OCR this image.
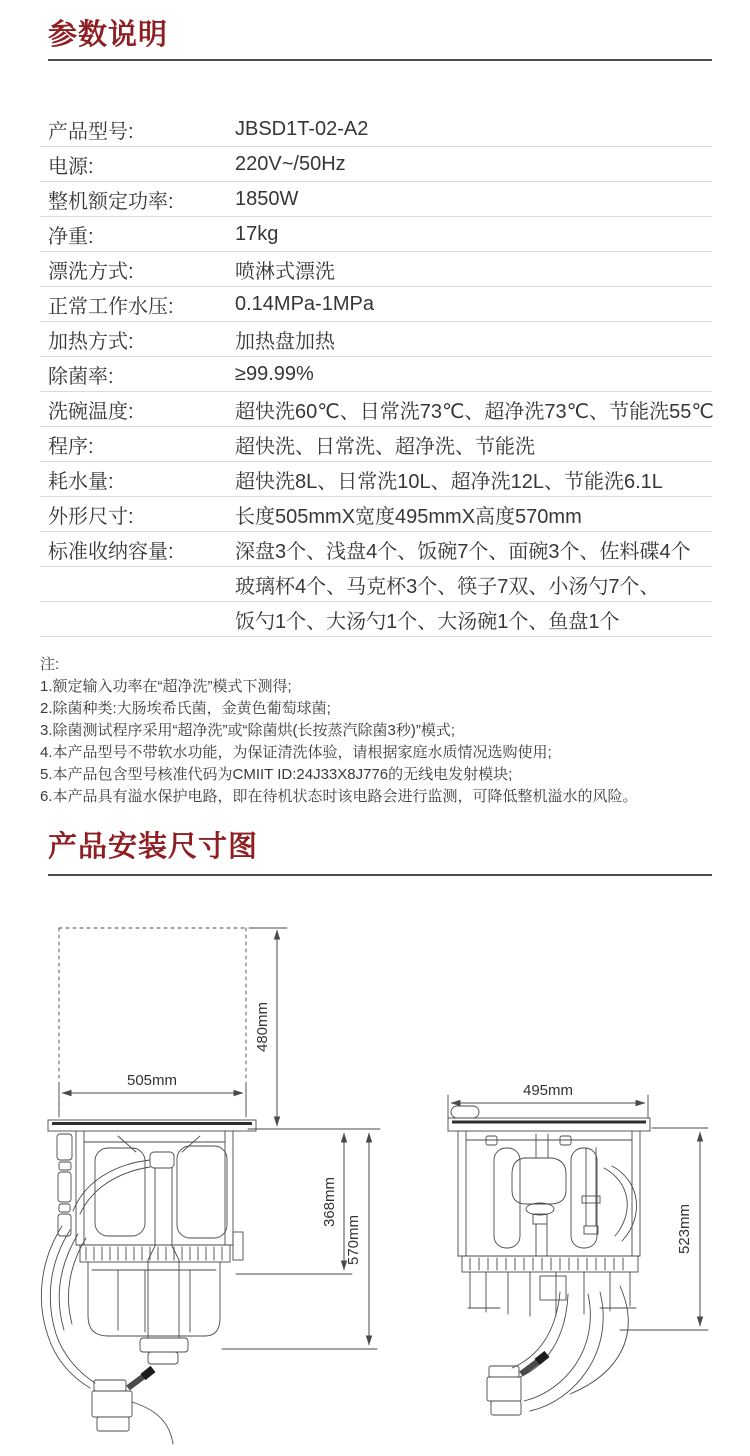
参数说明
产品型号:	JBSD1T-02-A2
电源:	220V~/50Hz
整机额定功率:	1850W
净重:	17kg
漂洗方式:	喷淋式漂洗
正常工作水压:	0.14MPa-1MPa
加热方式:	加热盘加热
除菌率:	≥99.99%
洗碗温度:	超快洗60℃、日常洗73℃、超净洗73℃、节能洗55℃
程序:	超快洗、日常洗、超净洗、节能洗
耗水量:	超快洗8L、日常洗10L、超净洗12L、节能洗6.1L
外形尺寸:	长度505mmX宽度495mmX高度570mm
标准收纳容量:	深盘3个、浅盘4个、饭碗7个、面碗3个、佐料碟4个
玻璃杯4个、马克杯3个、筷子7双、小汤勺7个、
饭勺1个、大汤勺1个、大汤碗1个、鱼盘1个
注:
1.额定输入功率在“超净洗”模式下测得;
2.除菌种类:大肠埃希氏菌，金黄色葡萄球菌;
3.除菌测试程序采用“超净洗”或“除菌烘(长按蒸汽除菌3秒)”模式;
4.本产品型号不带软水功能，为保证清洗体验，请根据家庭水质情况选购使用;
5.本产品包含型号核准代码为CMIIT ID:24J33X8J776的无线电发射模块;
6.本产品具有溢水保护电路，即在待机状态时该电路会进行监测，可降低整机溢水的风险。
产品安装尺寸图
480mm
505mm
368mm
570mm
495mm
523mm
